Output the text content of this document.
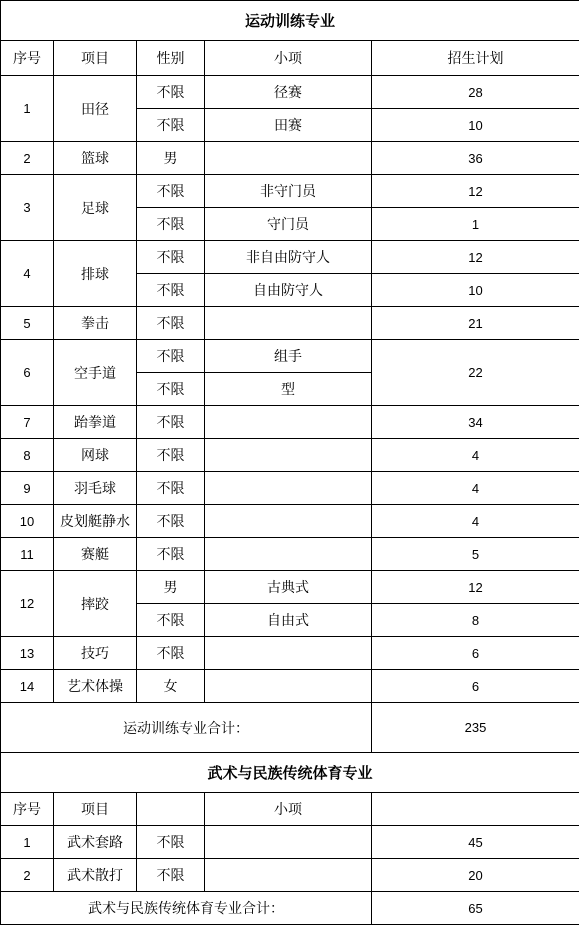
运动训练专业				
序号	项目	性别	小项	招生计划
1	田径	不限	径赛	28
		不限	田赛	10
2	篮球	男		36
3	足球	不限	非守门员	12
		不限	守门员	1
4	排球	不限	非自由防守人	12
		不限	自由防守人	10
5	拳击	不限		21
6	空手道	不限	组手	22
		不限	型	
7	跆拳道	不限		34
8	网球	不限		4
9	羽毛球	不限		4
10	皮划艇静水	不限		4
11	赛艇	不限		5
12	摔跤	男	古典式	12
		不限	自由式	8
13	技巧	不限		6
14	艺术体操	女		6
运动训练专业合计：				235
武术与民族传统体育专业				
序号	项目		小项	
1	武术套路	不限		45
2	武术散打	不限		20
武术与民族传统体育专业合计：				65
